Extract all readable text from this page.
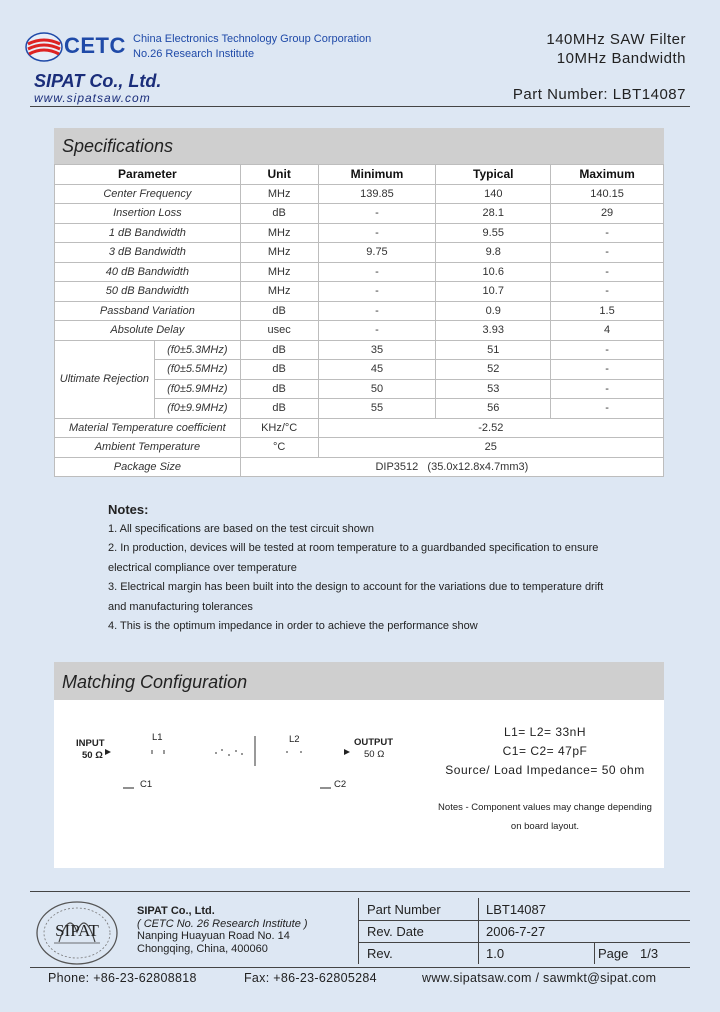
CETC China Electronics Technology Group Corporation
No.26 Research Institute
SIPAT Co., Ltd.
www.sipatsaw.com
140MHz SAW Filter
10MHz Bandwidth
Part Number: LBT14087
Specifications
Parameter		Unit	Minimum	Typical	Maximum
Center Frequency		MHz	139.85	140	140.15
Insertion Loss		dB	-	28.1	29
1 dB Bandwidth		MHz	-	9.55	-
3 dB Bandwidth		MHz	9.75	9.8	-
40 dB Bandwidth		MHz	-	10.6	-
50 dB Bandwidth		MHz	-	10.7	-
Passband Variation		dB	-	0.9	1.5
Absolute Delay		usec	-	3.93	4
Ultimate Rejection	(f0±5.3MHz)	dB	35	51	-
	(f0±5.5MHz)	dB	45	52	-
	(f0±5.9MHz)	dB	50	53	-
	(f0±9.9MHz)	dB	55	56	-
Material Temperature coefficient		KHz/°C	-2.52		
Ambient Temperature		°C	25		
Package Size		DIP3512   (35.0x12.8x4.7mm3)			
Notes:
1. All specifications are based on the test circuit shown
2. In production, devices will be tested at room temperature to a guardbanded specification to ensure
electrical compliance over temperature
3. Electrical margin has been built into the design to account for the variations due to temperature drift
and manufacturing tolerances
4. This is the optimum impedance in order to achieve the performance show
Matching Configuration
INPUT
50 Ω
OUTPUT
50 Ω
L1	L2
C1	C2
L1= L2= 33nH
C1= C2= 47pF
Source/ Load Impedance= 50 ohm
Notes - Component values may change depending
on board layout.
SIPAT
SIPAT Co., Ltd.
( CETC No. 26 Research Institute )
Nanping Huayuan Road No. 14
Chongqing, China, 400060
Part Number	LBT14087
Rev. Date	2006-7-27
Rev.	1.0	Page 1/3
Phone: +86-23-62808818	Fax: +86-23-62805284	www.sipatsaw.com / sawmkt@sipat.com
